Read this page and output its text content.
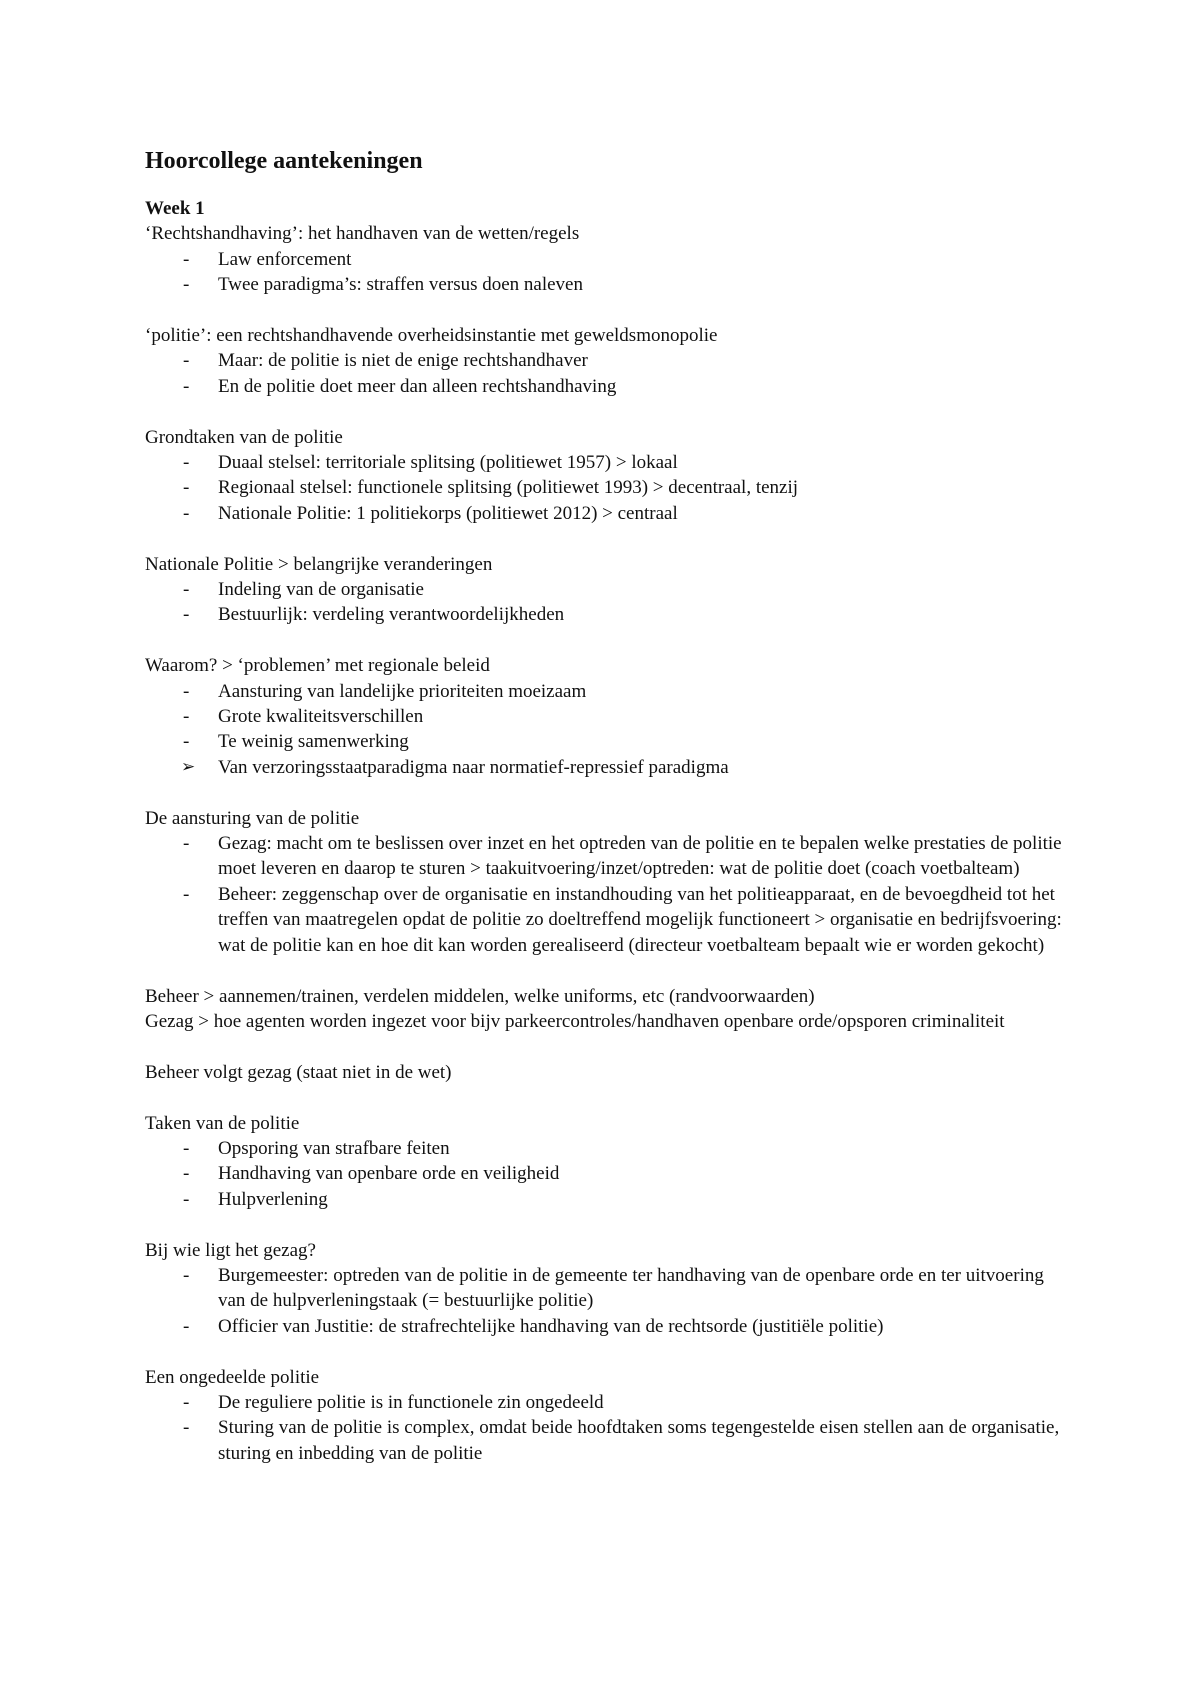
Hoorcollege aantekeningen
Week 1
‘Rechtshandhaving’: het handhaven van de wetten/regels
-	Law enforcement
-	Twee paradigma’s: straffen versus doen naleven
‘politie’: een rechtshandhavende overheidsinstantie met geweldsmonopolie
-	Maar: de politie is niet de enige rechtshandhaver
-	En de politie doet meer dan alleen rechtshandhaving
Grondtaken van de politie
-	Duaal stelsel: territoriale splitsing (politiewet 1957) > lokaal
-	Regionaal stelsel: functionele splitsing (politiewet 1993) > decentraal, tenzij
-	Nationale Politie: 1 politiekorps (politiewet 2012) > centraal
Nationale Politie > belangrijke veranderingen
-	Indeling van de organisatie
-	Bestuurlijk: verdeling verantwoordelijkheden
Waarom? > ‘problemen’ met regionale beleid
-	Aansturing van landelijke prioriteiten moeizaam
-	Grote kwaliteitsverschillen
-	Te weinig samenwerking
➢	Van verzoringsstaatparadigma naar normatief-repressief paradigma
De aansturing van de politie
-	Gezag: macht om te beslissen over inzet en het optreden van de politie en te bepalen welke prestaties de politie moet leveren en daarop te sturen > taakuitvoering/inzet/optreden: wat de politie doet (coach voetbalteam)
-	Beheer: zeggenschap over de organisatie en instandhouding van het politieapparaat, en de bevoegdheid tot het treffen van maatregelen opdat de politie zo doeltreffend mogelijk functioneert > organisatie en bedrijfsvoering: wat de politie kan en hoe dit kan worden gerealiseerd (directeur voetbalteam bepaalt wie er worden gekocht)
Beheer > aannemen/trainen, verdelen middelen, welke uniforms, etc (randvoorwaarden)
Gezag > hoe agenten worden ingezet voor bijv parkeercontroles/handhaven openbare orde/opsporen criminaliteit
Beheer volgt gezag (staat niet in de wet)
Taken van de politie
-	Opsporing van strafbare feiten
-	Handhaving van openbare orde en veiligheid
-	Hulpverlening
Bij wie ligt het gezag?
-	Burgemeester: optreden van de politie in de gemeente ter handhaving van de openbare orde en ter uitvoering van de hulpverleningstaak (= bestuurlijke politie)
-	Officier van Justitie: de strafrechtelijke handhaving van de rechtsorde (justitiële politie)
Een ongedeelde politie
-	De reguliere politie is in functionele zin ongedeeld
-	Sturing van de politie is complex, omdat beide hoofdtaken soms tegengestelde eisen stellen aan de organisatie, sturing en inbedding van de politie
